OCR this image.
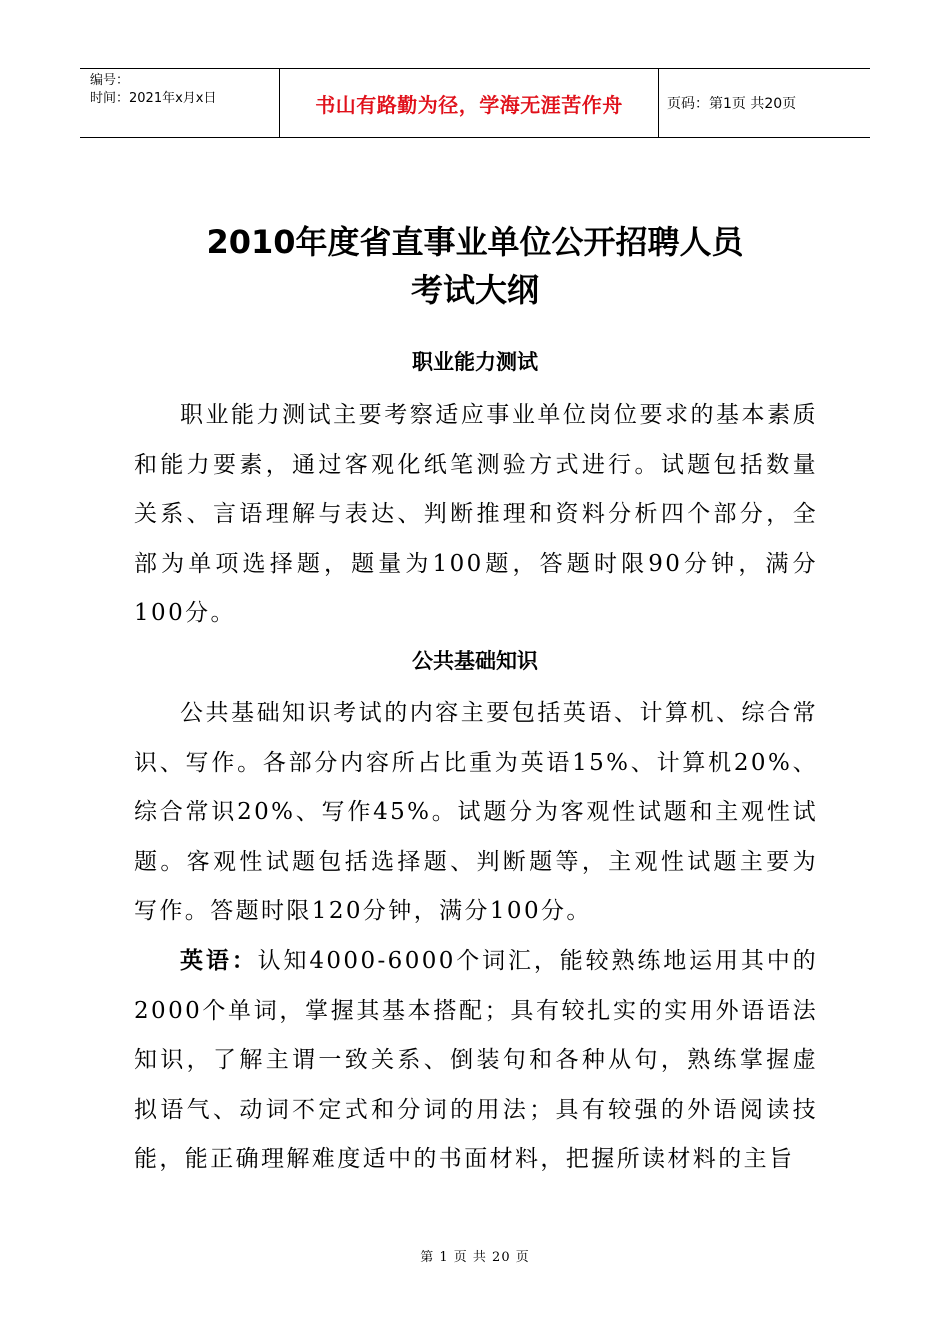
编号：
时间：2021年x月x日	书山有路勤为径，学海无涯苦作舟	页码：第1页 共20页
2010年度省直事业单位公开招聘人员
考试大纲
职业能力测试

职业能力测试主要考察适应事业单位岗位要求的基本素质和能力要素，通过客观化纸笔测验方式进行。试题包括数量关系、言语理解与表达、判断推理和资料分析四个部分，全部为单项选择题，题量为100题，答题时限90分钟，满分100分。

公共基础知识

公共基础知识考试的内容主要包括英语、计算机、综合常识、写作。各部分内容所占比重为英语15%、计算机20%、综合常识20%、写作45%。试题分为客观性试题和主观性试题。客观性试题包括选择题、判断题等，主观性试题主要为写作。答题时限120分钟，满分100分。

英语：认知4000-6000个词汇，能较熟练地运用其中的2000个单词，掌握其基本搭配；具有较扎实的实用外语语法知识，了解主谓一致关系、倒装句和各种从句，熟练掌握虚拟语气、动词不定式和分词的用法；具有较强的外语阅读技能，能正确理解难度适中的书面材料，把握所读材料的主旨

第 1 页 共 20 页
